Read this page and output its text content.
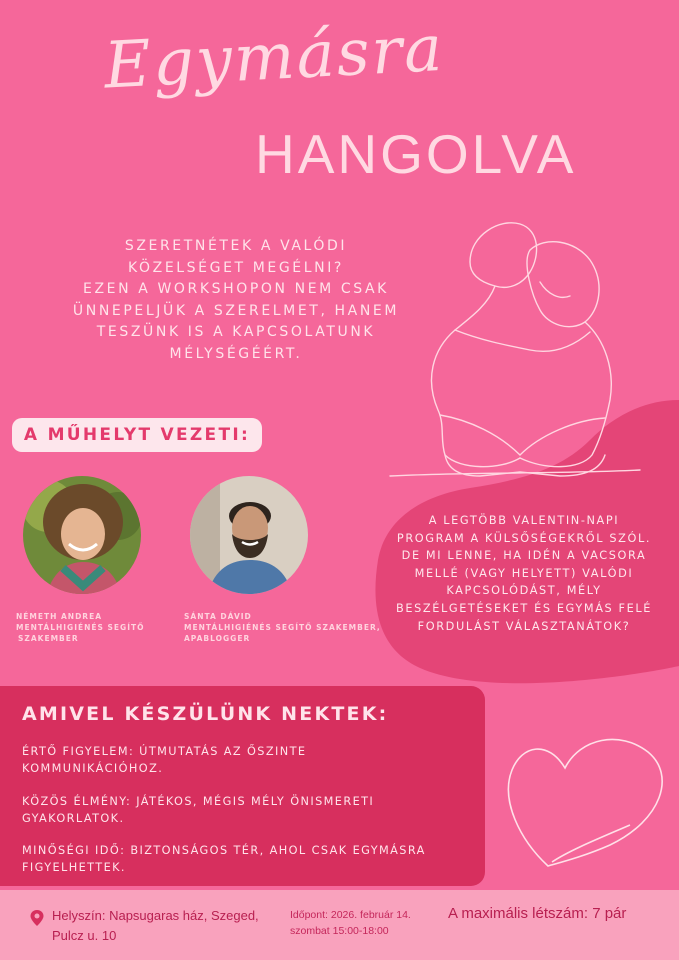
Egymásra
HANGOLVA
SZERETNÉTEK A VALÓDI
KÖZELSÉGET MEGÉLNI?
EZEN A WORKSHOPON NEM CSAK
ÜNNEPELJÜK A SZERELMET, HANEM
TESZÜNK IS A KAPCSOLATUNK
MÉLYSÉGÉÉRT.
A MŰHELYT VEZETI:
NÉMETH ANDREA
MENTÁLHIGIÉNÉS SEGÍTŐ
SZAKEMBER
SÁNTA DÁVID
MENTÁLHIGIÉNÉS SEGÍTŐ SZAKEMBER,
APABLOGGER
A LEGTÖBB VALENTIN-NAPI
PROGRAM A KÜLSŐSÉGEKRŐL SZÓL.
DE MI LENNE, HA IDÉN A VACSORA
MELLÉ (VAGY HELYETT) VALÓDI
KAPCSOLÓDÁST, MÉLY
BESZÉLGETÉSEKET ÉS EGYMÁS FELÉ
FORDULÁST VÁLASZTANÁTOK?
AMIVEL KÉSZÜLÜNK NEKTEK:
ÉRTŐ FIGYELEM: ÚTMUTATÁS AZ ŐSZINTE
KOMMUNIKÁCIÓHOZ.
KÖZÖS ÉLMÉNY: JÁTÉKOS, MÉGIS MÉLY ÖNISMERETI
GYAKORLATOK.
MINŐSÉGI IDŐ: BIZTONSÁGOS TÉR, AHOL CSAK EGYMÁSRA
FIGYELHETTEK.
Helyszín: Napsugaras ház, Szeged,
Pulcz u. 10
Időpont: 2026. február 14.
szombat 15:00-18:00
A maximális létszám: 7 pár
